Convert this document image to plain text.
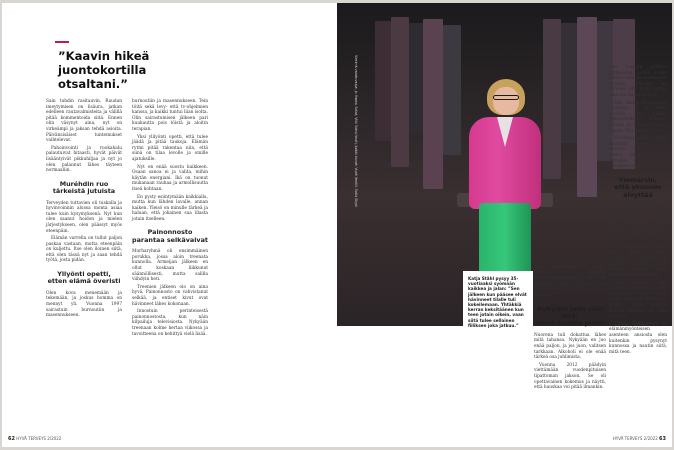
”Kaavin hikeä
juontokortilla otsaltani.”

Sain tuhdin rasitauvin. Raudan imeytymisen on lisäura, jatkan edelleen rautavalmisteita ja välillä pitää kommentoida siitä. Ennen olin väsynyt aina, nyt on virkeämpi ja jaksan tehdä asioita. Päivänsisäiset tuntemukset vaihtelevat.

Pahoinvointi ja ruokahalu palautuivat hitaasti, hyvät päivät lisääntyivät pikkuhiljaa ja nyt jo olen palannut lähes täyteen normaaliin.

Muréhdin ruo
tärkeistä jutuista

Terveyden tuttavien oli tuskalla ja hyvinvoinnin alussa monta asiaa tulee kuin kysymyksenä. Nyt kun olen saanut hoidon ja mielen järjestykseen, olen päässyt myös eteenpäin.

Elämän varrella on tullut paljon paskaa vastaan, mutta eteenpäin on kuljettu. Itse olen iloinen siitä, että olen tässä nyt ja saan tehdä työtä, josta pidän.

Yllyönti opetti,
etten elämä överisti

Olen kova menemään ja tekemään, ja joskus homma on mennyt yli. Vuonna 1997 sairastuin burnoutiin ja masennukseen.

burnoutiin ja masennukseen. Tein töitä sekä levy- että tv-ohjelmien kanssa, ja kaikki tuntui liian isolta. Olin sairastumisen jälkeen pari kuukautta pois töistä ja aloitin terapian.

Yksi ylilyönti opetti, että tulee jäädä ja pitää taukoja. Elämän rytmi pitää rakentaa niin, että siinä on tilaa levolle ja omille ajatuksille.

Nyt en enää suostu kaikkeen. Osaan sanoa ei ja valita, mihin käytän energiani. Ikä on tuonut mukanaan rauhaa ja armollisuutta itseä kohtaan.

En pysty esiintymään kaikkialla, mutta kun lähden lavalle, annan kaiken. Yleisö on minulle tärkeä ja haluan, että jokainen saa illasta jotain itselleen.

Painonnosto
parantaa selkävaivat

Murharyhmä oli ensimmäinen porukka, jossa aloin treenata kunnolla. Armeijan jälkeen en ollut koskaan liikkunut säännöllisesti, mutta salilla viihdyin heti.

Treenien jälkeen olo on aina hyvä. Painonnosto on vahvistanut selkää, ja entiset kivut ovat hävinneet lähes kokonaan.

Innostuin perinteisestä painonnostosta, kun näin kilpailuja televisiosta. Nykyään treenaan kolme kertaa viikossa ja tavoitteena on kehittyä vielä lisää.

62 HYVÄ TERVEYS 2/2022
Vierimä valokuvaaja: Jo Hannu Sotat, Viiki Sohvi-Vuoti, kaikki kuvat: Vuoti Vestili. Sotia Skydi
Katja Ståhl pysyy 35-vuotiaaksi syömään kaikkea ja jalan: ”Sen jälkeen kun pääsee elvät hävinneet tilalle tuli kokeilemaan. Yhtäkkiä kerran keksitäänen kun teen jotain oikein, vaan siitä tulee sellainen fiiliksen joka jatkuu.”

lajin muodinmuutoksia. Ostin yhdellä hetkellä painonnostokengät, eli nyt aloan kenkien osasta. Tuloksen ovat parantuneet vähitellen ja into on pysynyt.

Nykyisin juon vain sitä,
mistä todella pidän

Nuorena tuli dokattua lähes mitä tahansa. Nykyään en juo enää paljon, ja jos juon, valitsen tarkkaan. Alkoholi ei ole enää tärkeä osa juhlimista.

Vuonna 2012 päädyin viettämään vuodenpituisen tipattoman jakson. Se oli opettavainen kokemus ja näytti, että hauskaa voi pitää ilmankin.

aan. Lopulta päädyin lääkkeisiin, joiden avulla pääsin takaisin normaaliin rytmiin. Minulle on tärkeää, että hoito auttaa eikä vie elämästä iloa.

Olin ennen kuukausien juomatta, ja se tuntui hyvältä. Siksi pääsin päkertelemaan elämäni kanssa ja luomaan uusia tapoja. Nyt nautin arjesta.

Vuodessa kaikki kehittyi kauhean nopeasti, ja minulle tuli takaisin voima, jota en ollut tuntenut vuosiin. Olen kiitollinen siitä.

Ymmärsin,
että yksinolo elvyttää

Nuorena en kuunnellut itseäni. Ystävät olivat kaikki kaikessa ja kotiin tuli palattua vasta aamulla. Nyt tiedän, että tarvitsen myös yksinäistä aikaa.

Se kumpuaa siitä, miten olen elänyt. Vuosien varrella olen oppinut, että yksinolo elvyttää ja antaa voimia kohdata muut ihmiset avoimin mielin.

Vielä nytkin välillä huomaan, että haluan olla sosiaalinen koko ajan, mutta jarrutan itseäni ja annan tilaa levolle. Kotona minulla on oma rauhani.

Tämän harmonisen ja elämänmyönteisen asenteen ansiosta olen kuitenkin pysynyt kunnossa ja nautin siitä, mitä teen.

HYVÄ TERVEYS 2/2022 63
